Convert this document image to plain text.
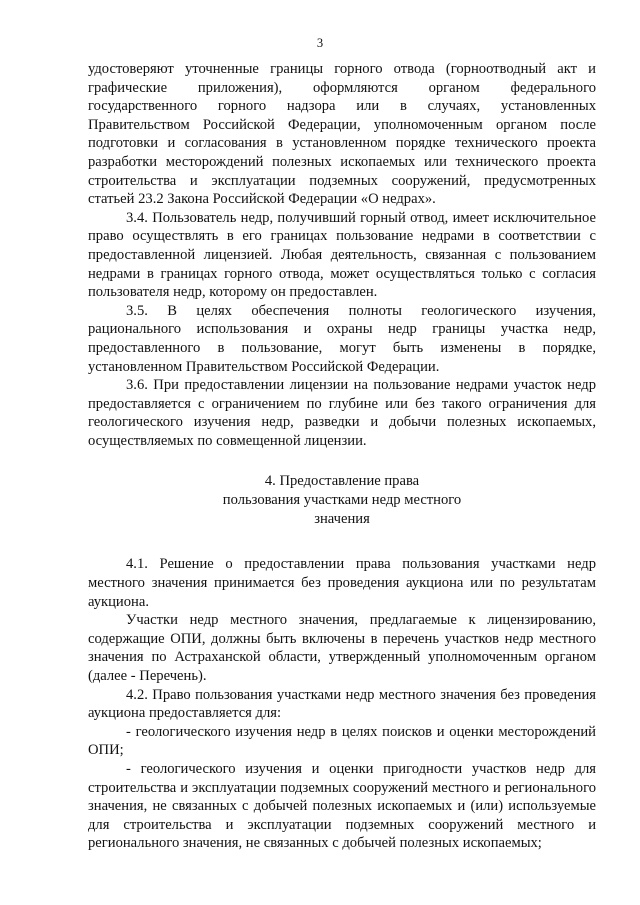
3

удостоверяют уточненные границы горного отвода (горноотводный акт и графические приложения), оформляются органом федерального государственного горного надзора или в случаях, установленных Правительством Российской Федерации, уполномоченным органом после подготовки и согласования в установленном порядке технического проекта разработки месторождений полезных ископаемых или технического проекта строительства и эксплуатации подземных сооружений, предусмотренных статьей 23.2 Закона Российской Федерации «О недрах».

3.4. Пользователь недр, получивший горный отвод, имеет исключительное право осуществлять в его границах пользование недрами в соответствии с предоставленной лицензией. Любая деятельность, связанная с пользованием недрами в границах горного отвода, может осуществляться только с согласия пользователя недр, которому он предоставлен.

3.5. В целях обеспечения полноты геологического изучения, рационального использования и охраны недр границы участка недр, предоставленного в пользование, могут быть изменены в порядке, установленном Правительством Российской Федерации.

3.6. При предоставлении лицензии на пользование недрами участок недр предоставляется с ограничением по глубине или без такого ограничения для геологического изучения недр, разведки и добычи полезных ископаемых, осуществляемых по совмещенной лицензии.

4. Предоставление права
пользования участками недр местного
значения

4.1. Решение о предоставлении права пользования участками недр местного значения принимается без проведения аукциона или по результатам аукциона.

Участки недр местного значения, предлагаемые к лицензированию, содержащие ОПИ, должны быть включены в перечень участков недр местного значения по Астраханской области, утвержденный уполномоченным органом (далее - Перечень).

4.2. Право пользования участками недр местного значения без проведения аукциона предоставляется для:

- геологического изучения недр в целях поисков и оценки месторождений ОПИ;

- геологического изучения и оценки пригодности участков недр для строительства и эксплуатации подземных сооружений местного и регионального значения, не связанных с добычей полезных ископаемых и (или) используемые для строительства и эксплуатации подземных сооружений местного и регионального значения, не связанных с добычей полезных ископаемых;
